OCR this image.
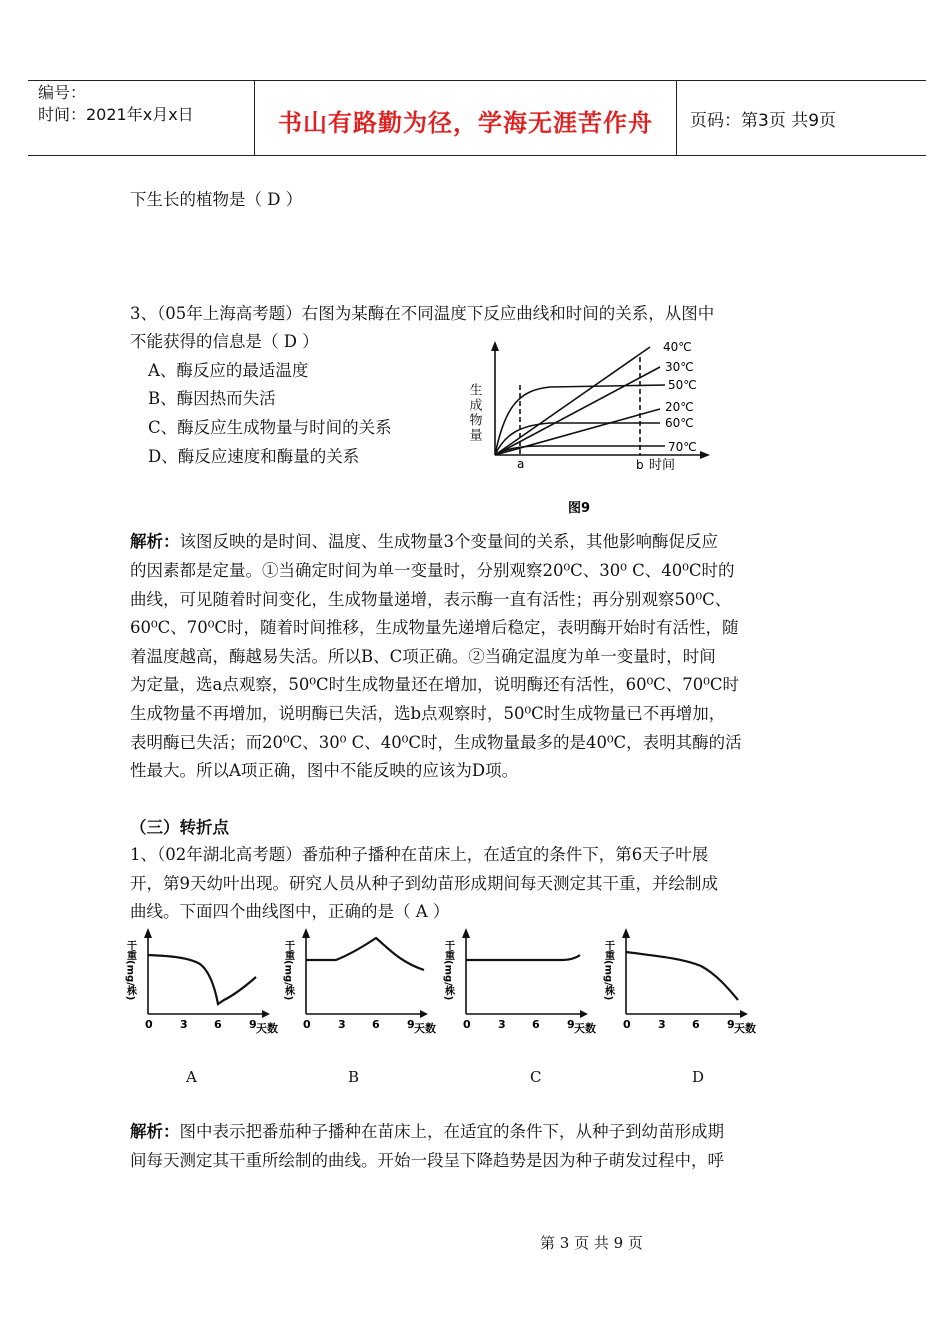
编号：
时间：2021年x月x日	书山有路勤为径，学海无涯苦作舟 页码：第3页 共9页
下生长的植物是（ D ）
3、（05年上海高考题）右图为某酶在不同温度下反应曲线和时间的关系，从图中
不能获得的信息是（ D ）
A、酶反应的最适温度
B、酶因热而失活
C、酶反应生成物量与时间的关系
D、酶反应速度和酶量的关系
生成物量
40℃
30℃
50℃
20℃
60℃
70℃
a	b 时间
图9
解析：该图反映的是时间、温度、生成物量3个变量间的关系，其他影响酶促反应
的因素都是定量。①当确定时间为单一变量时，分别观察20⁰C、30⁰ C、40⁰C时的
曲线，可见随着时间变化，生成物量递增，表示酶一直有活性；再分别观察50⁰C、
60⁰C、70⁰C时，随着时间推移，生成物量先递增后稳定，表明酶开始时有活性，随
着温度越高，酶越易失活。所以B、C项正确。②当确定温度为单一变量时，时间
为定量，选a点观察，50⁰C时生成物量还在增加，说明酶还有活性，60⁰C、70⁰C时
生成物量不再增加，说明酶已失活，选b点观察时，50⁰C时生成物量已不再增加，
表明酶已失活；而20⁰C、30⁰ C、40⁰C时，生成物量最多的是40⁰C，表明其酶的活
性最大。所以A项正确，图中不能反映的应该为D项。
（三）转折点
1、（02年湖北高考题）番茄种子播种在苗床上，在适宜的条件下，第6天子叶展
开，第9天幼叶出现。研究人员从种子到幼苗形成期间每天测定其干重，并绘制成
曲线。下面四个曲线图中，正确的是（ A ）
干重(mg/株)
0 3 6 9 天数
干重(mg/株)
0 3 6 9 天数
干重(mg/株)
0 3 6 9 天数
干重(mg/株)
0 3 6 9 天数
A	B	C	D
解析：图中表示把番茄种子播种在苗床上，在适宜的条件下，从种子到幼苗形成期
间每天测定其干重所绘制的曲线。开始一段呈下降趋势是因为种子萌发过程中，呼
第 3 页 共 9 页
